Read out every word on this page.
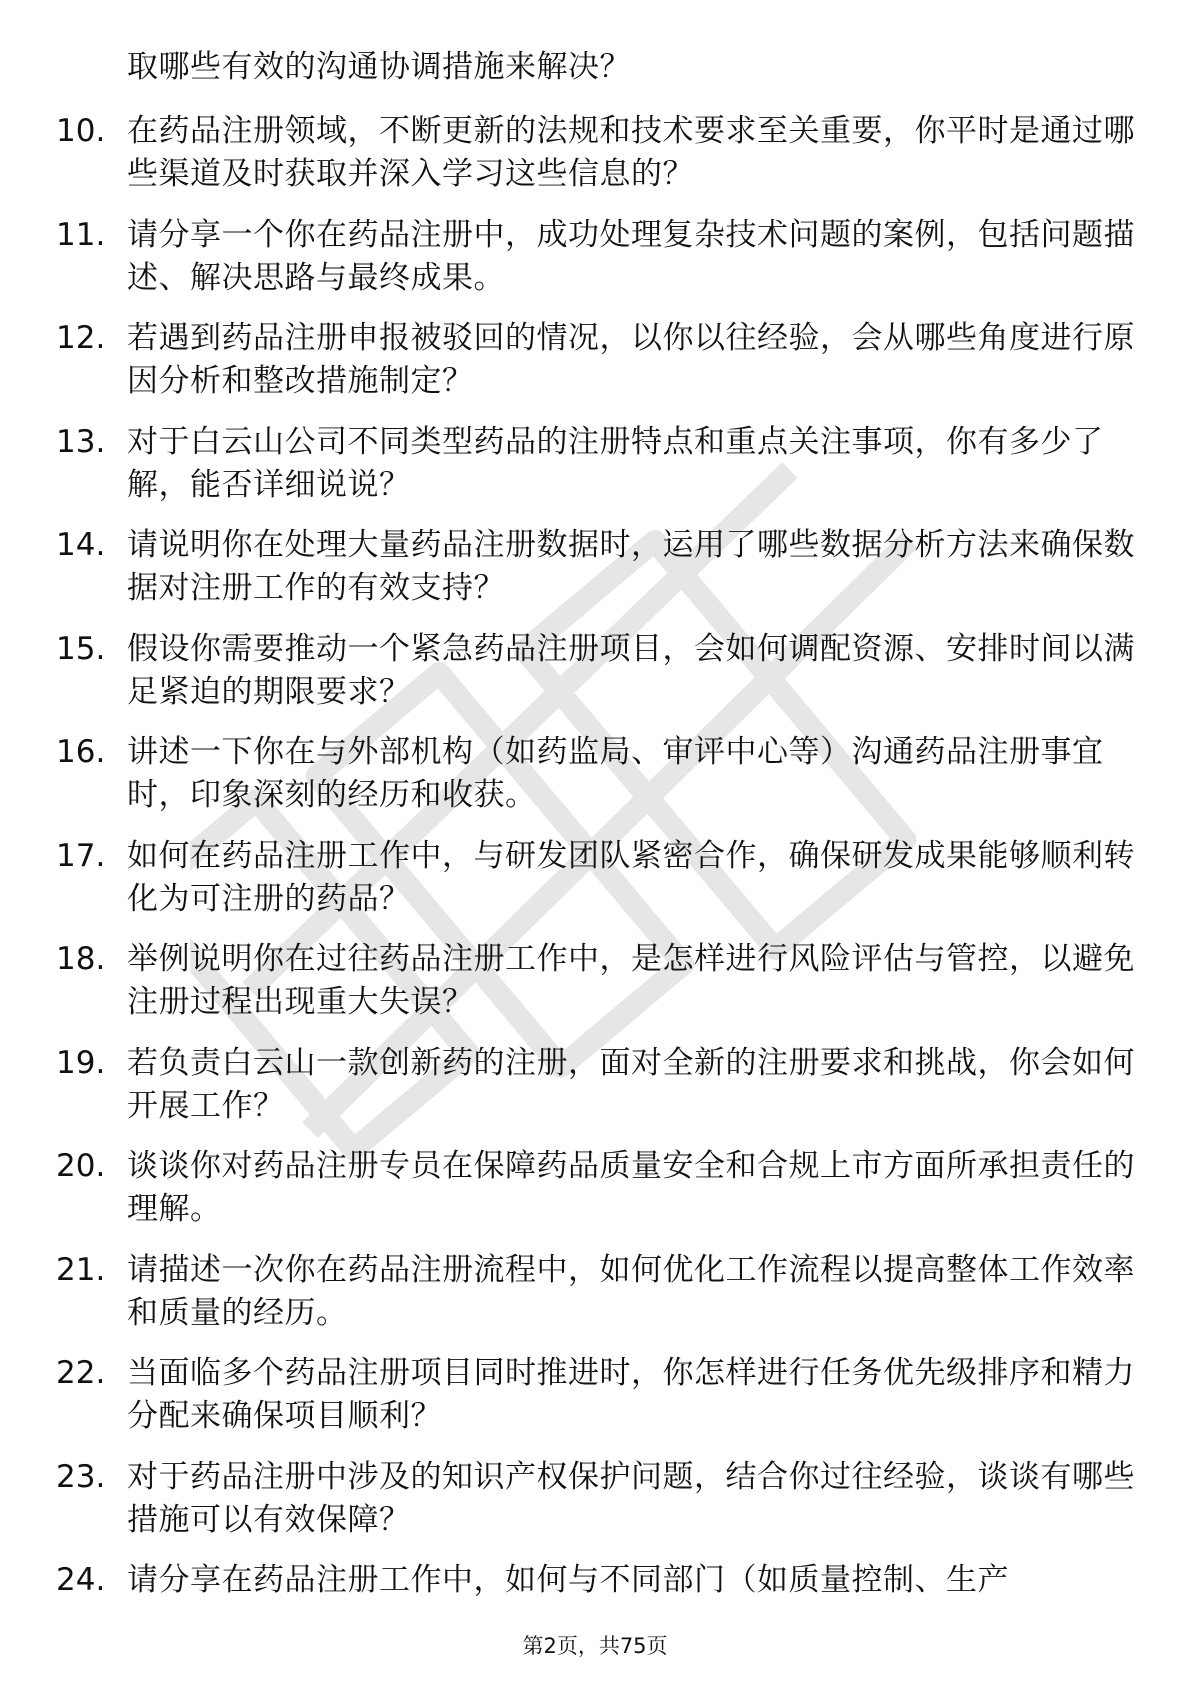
取哪些有效的沟通协调措施来解决？
10. 在药品注册领域，不断更新的法规和技术要求至关重要，你平时是通过哪些渠道及时获取并深入学习这些信息的？
11. 请分享一个你在药品注册中，成功处理复杂技术问题的案例，包括问题描述、解决思路与最终成果。
12. 若遇到药品注册申报被驳回的情况，以你以往经验，会从哪些角度进行原因分析和整改措施制定？
13. 对于白云山公司不同类型药品的注册特点和重点关注事项，你有多少了解，能否详细说说？
14. 请说明你在处理大量药品注册数据时，运用了哪些数据分析方法来确保数据对注册工作的有效支持？
15. 假设你需要推动一个紧急药品注册项目，会如何调配资源、安排时间以满足紧迫的期限要求？
16. 讲述一下你在与外部机构（如药监局、审评中心等）沟通药品注册事宜时，印象深刻的经历和收获。
17. 如何在药品注册工作中，与研发团队紧密合作，确保研发成果能够顺利转化为可注册的药品？
18. 举例说明你在过往药品注册工作中，是怎样进行风险评估与管控，以避免注册过程出现重大失误？
19. 若负责白云山一款创新药的注册，面对全新的注册要求和挑战，你会如何开展工作？
20. 谈谈你对药品注册专员在保障药品质量安全和合规上市方面所承担责任的理解。
21. 请描述一次你在药品注册流程中，如何优化工作流程以提高整体工作效率和质量的经历。
22. 当面临多个药品注册项目同时推进时，你怎样进行任务优先级排序和精力分配来确保项目顺利？
23. 对于药品注册中涉及的知识产权保护问题，结合你过往经验，谈谈有哪些措施可以有效保障？
24. 请分享在药品注册工作中，如何与不同部门（如质量控制、生产
第2页，共75页
